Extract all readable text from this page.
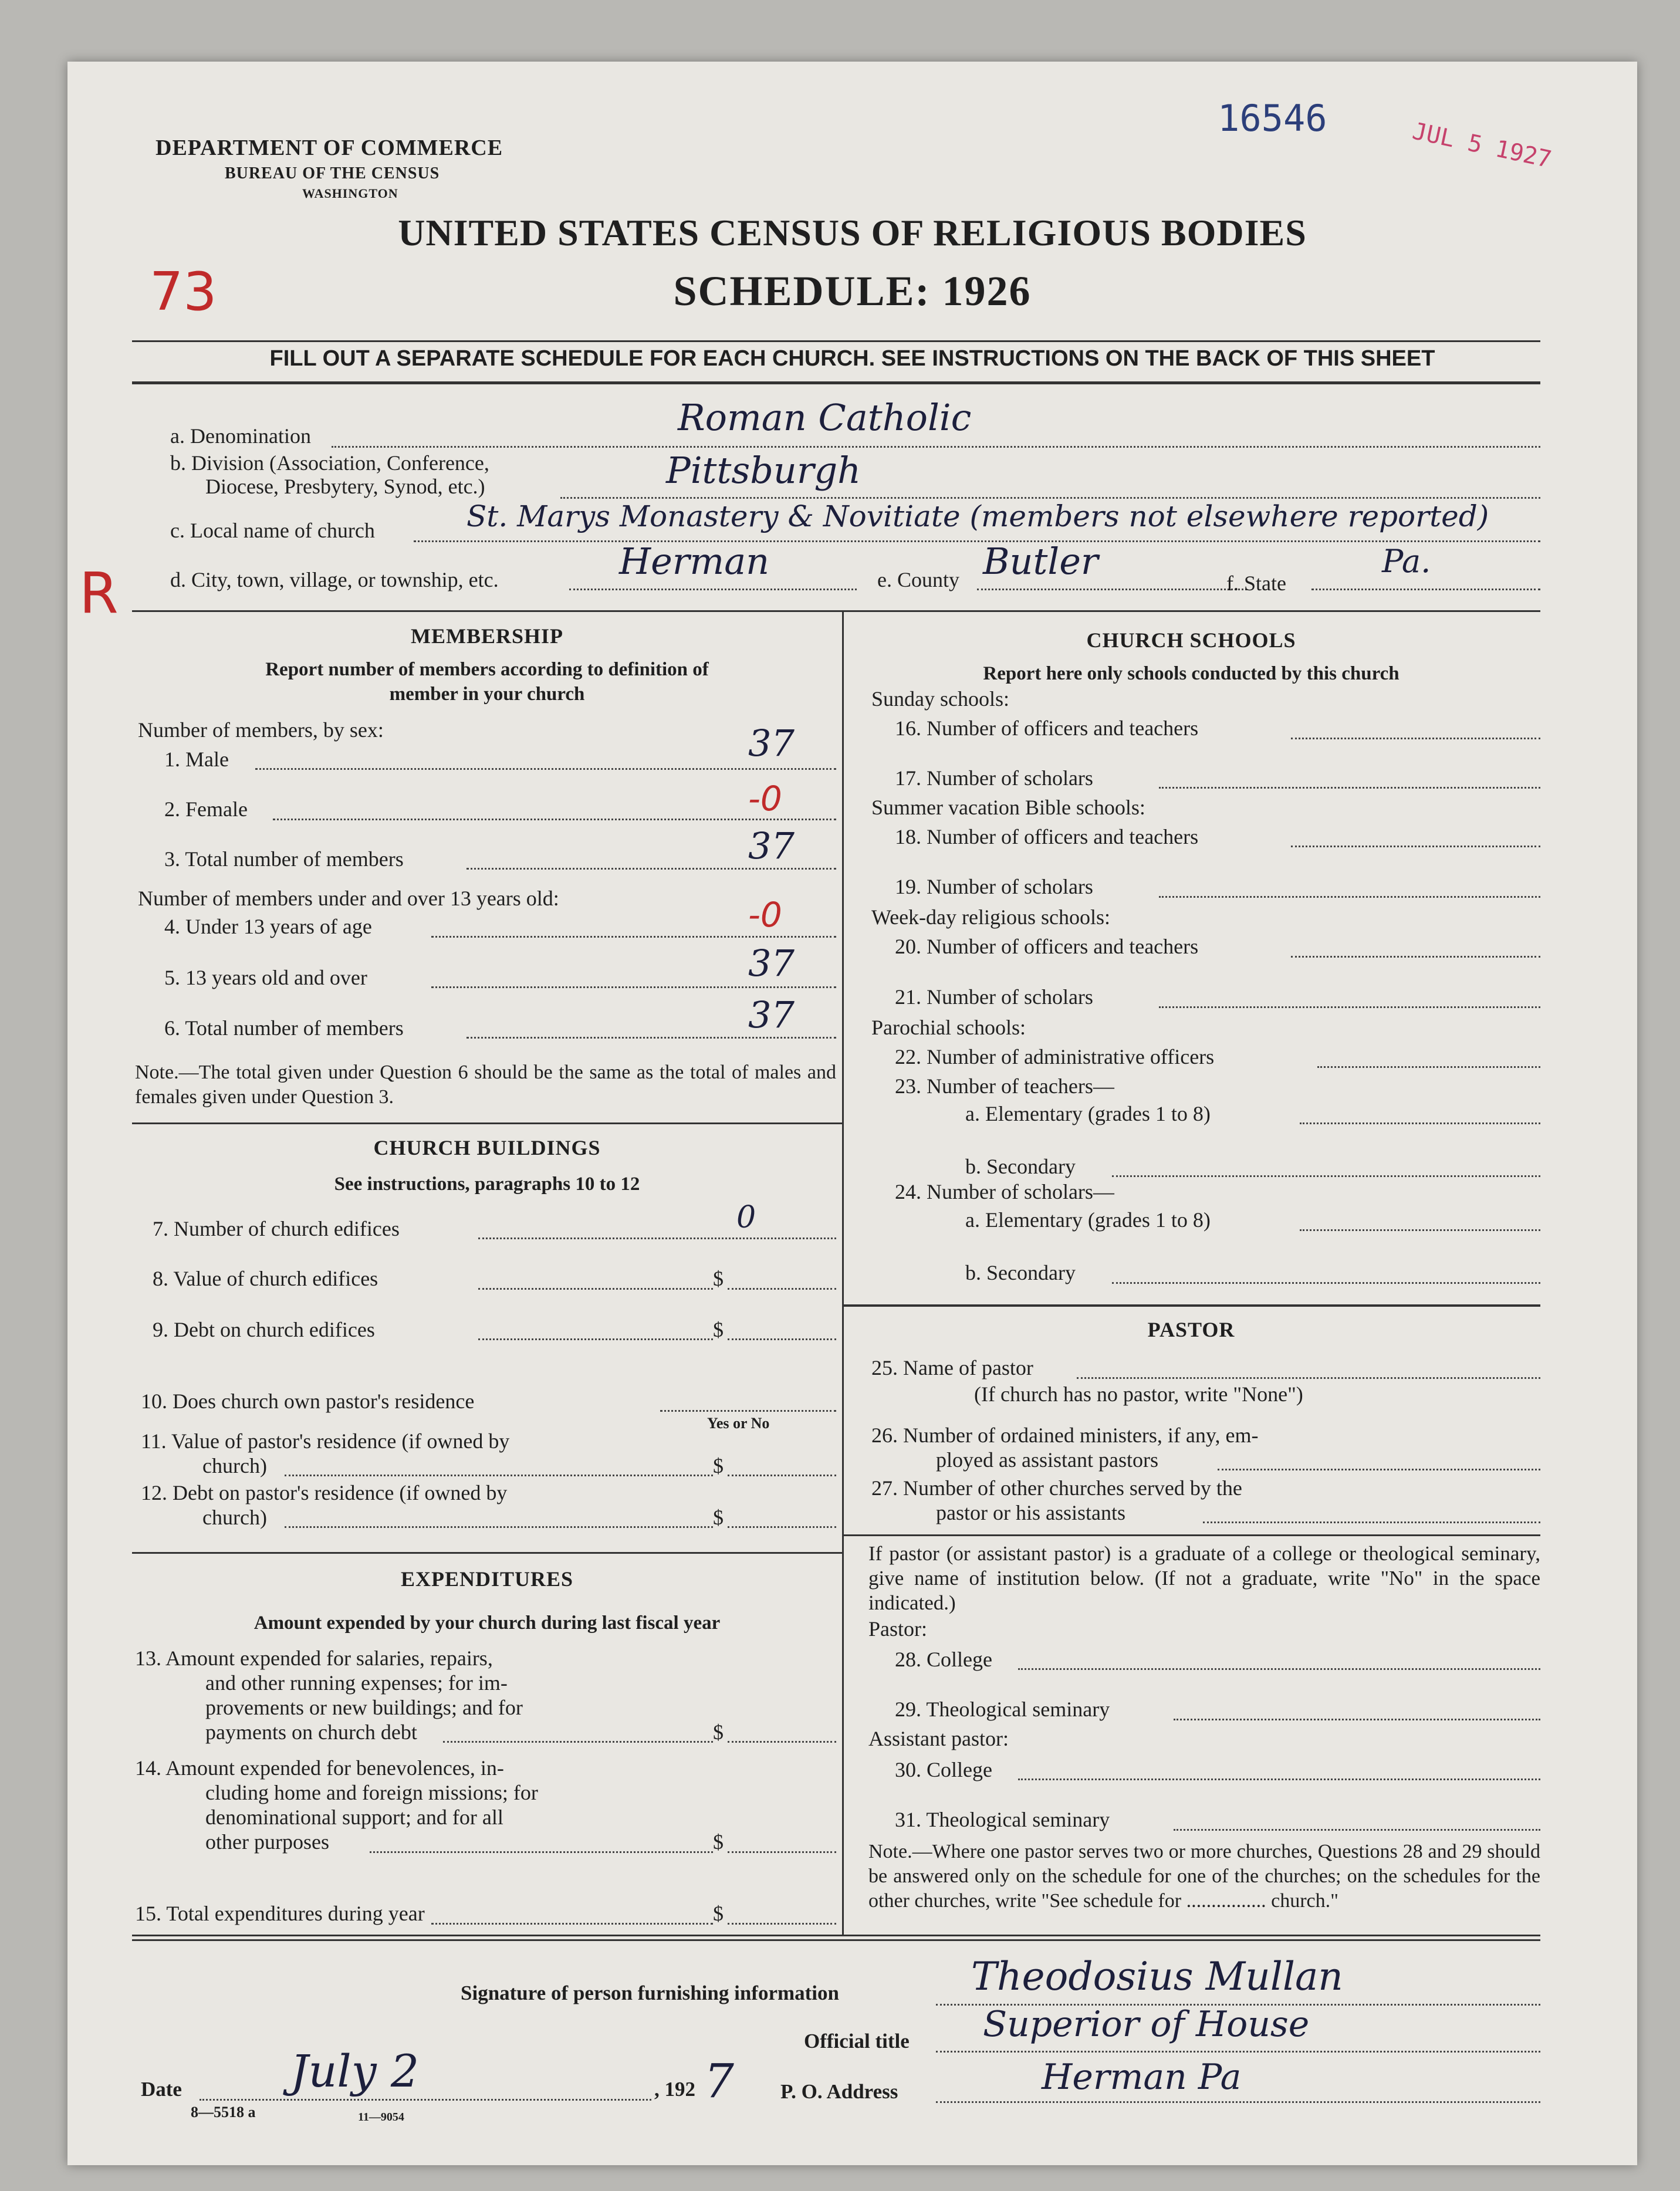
16546	JUL 5 1927
73
R
DEPARTMENT OF COMMERCE
BUREAU OF THE CENSUS
WASHINGTON
UNITED STATES CENSUS OF RELIGIOUS BODIES
SCHEDULE: 1926
FILL OUT A SEPARATE SCHEDULE FOR EACH CHURCH. SEE INSTRUCTIONS ON THE BACK OF THIS SHEET
a. Denomination	Roman Catholic
b. Division (Association, Conference,
Diocese, Presbytery, Synod, etc.)	Pittsburgh
c. Local name of church	St. Marys Monastery & Novitiate (members not elsewhere reported)
d. City, town, village, or township, etc.	Herman	e. County Butler
f. State
Pa.
MEMBERSHIP
Report number of members according to definition of
member in your church
Number of members, by sex:
1. Male	37
2. Female	-0
3. Total number of members	37
Number of members under and over 13 years old:
4. Under 13 years of age	-0
5. 13 years old and over	37
6. Total number of members	37
Note.—The total given under Question 6 should be the same as the total of males and females given under Question 3.
CHURCH BUILDINGS
See instructions, paragraphs 10 to 12
7. Number of church edifices	0
8. Value of church edifices	$
9. Debt on church edifices	$
10. Does church own pastor's residence
Yes or No
11. Value of pastor's residence (if owned by
church)	$
12. Debt on pastor's residence (if owned by
church)	$
EXPENDITURES
Amount expended by your church during last fiscal year
13. Amount expended for salaries, repairs,
and other running expenses; for im-
provements or new buildings; and for
payments on church debt	$
14. Amount expended for benevolences, in-
cluding home and foreign missions; for
denominational support; and for all
other purposes	$
15. Total expenditures during year	$
CHURCH SCHOOLS
Report here only schools conducted by this church
Sunday schools:
16. Number of officers and teachers
17. Number of scholars
Summer vacation Bible schools:
18. Number of officers and teachers
19. Number of scholars
Week-day religious schools:
20. Number of officers and teachers
21. Number of scholars
Parochial schools:
22. Number of administrative officers
23. Number of teachers—
a. Elementary (grades 1 to 8)
b. Secondary
24. Number of scholars—
a. Elementary (grades 1 to 8)
b. Secondary
PASTOR
25. Name of pastor
(If church has no pastor, write "None")
26. Number of ordained ministers, if any, em-
ployed as assistant pastors
27. Number of other churches served by the
pastor or his assistants
If pastor (or assistant pastor) is a graduate of a college or theological seminary, give name of institution below. (If not a graduate, write "No" in the space indicated.)
Pastor:
28. College
29. Theological seminary
Assistant pastor:
30. College
31. Theological seminary
Note.—Where one pastor serves two or more churches, Questions 28 and 29 should be answered only on the schedule for one of the churches; on the schedules for the other churches, write "See schedule for ................ church."
Signature of person furnishing information	Theodosius Mullan
Official title Superior of House
Date July 2	, 192 7 P. O. Address	Herman Pa
8—5518 a	11—9054
